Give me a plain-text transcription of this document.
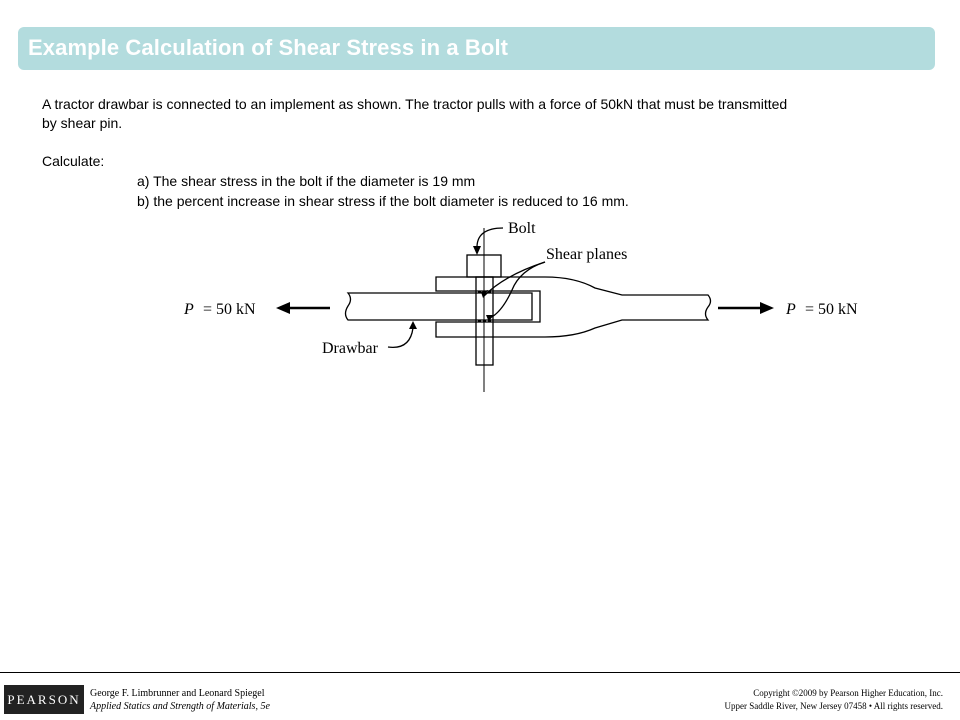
Example Calculation of Shear Stress in a Bolt

A tractor drawbar is connected to an implement as shown. The tractor pulls with a force of 50kN that must be transmitted

by shear pin.

Calculate:

a) The shear stress in the bolt if the diameter is 19 mm
b) the percent increase in shear stress if the bolt diameter is reduced to 16 mm.
Bolt
Shear planes
Drawbar
P = 50 kN	P = 50 kN
PEARSON George F. Limbrunner and Leonard Spiegel
Applied Statics and Strength of Materials, 5e
Copyright ©2009 by Pearson Higher Education, Inc.
Upper Saddle River, New Jersey 07458 • All rights reserved.
